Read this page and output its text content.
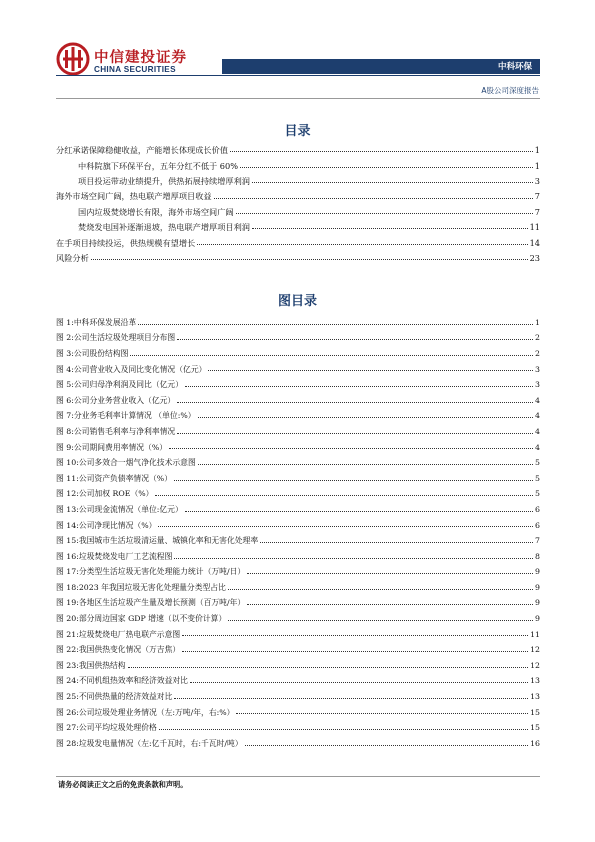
中信建投证券
CHINA SECURITIES	中科环保
A股公司深度报告
目录
分红承诺保障稳健收益，产能增长体现成长价值	1
中科院旗下环保平台，五年分红不低于 60%	1
项目投运带动业绩提升，供热拓展持续增厚利润	3
海外市场空间广阔，热电联产增厚项目收益	7
国内垃圾焚烧增长有限，海外市场空间广阔	7
焚烧发电国补逐渐退坡，热电联产增厚项目利润	11
在手项目持续投运，供热规模有望增长	14
风险分析	23
图目录
图 1:中科环保发展沿革	1
图 2:公司生活垃圾处理项目分布图	2
图 3:公司股份结构图	2
图 4:公司营业收入及同比变化情况（亿元）	3
图 5:公司归母净利润及同比（亿元）	3
图 6:公司分业务营业收入（亿元）	4
图 7:分业务毛利率计算情况 （单位:%）	4
图 8:公司销售毛利率与净利率情况	4
图 9:公司期间费用率情况（%）	4
图 10:公司多效合一烟气净化技术示意图	5
图 11:公司资产负债率情况（%）	5
图 12:公司加权 ROE（%）	5
图 13:公司现金流情况（单位:亿元）	6
图 14:公司净现比情况（%）	6
图 15:我国城市生活垃圾清运量、城镇化率和无害化处理率	7
图 16:垃圾焚烧发电厂工艺流程图	8
图 17:分类型生活垃圾无害化处理能力统计（万吨/日）	9
图 18:2023 年我国垃圾无害化处理量分类型占比	9
图 19:各地区生活垃圾产生量及增长预测（百万吨/年）	9
图 20:部分周边国家 GDP 增速（以不变价计算）	9
图 21:垃圾焚烧电厂热电联产示意图	11
图 22:我国供热变化情况（万吉焦）	12
图 23:我国供热结构	12
图 24:不同机组热效率和经济效益对比	13
图 25:不同供热量的经济效益对比	13
图 26:公司垃圾处理业务情况（左:万吨/年，右:%）	15
图 27:公司平均垃圾处理价格	15
图 28:垃圾发电量情况（左:亿千瓦时，右:千瓦时/吨）	16
请务必阅读正文之后的免责条款和声明。
